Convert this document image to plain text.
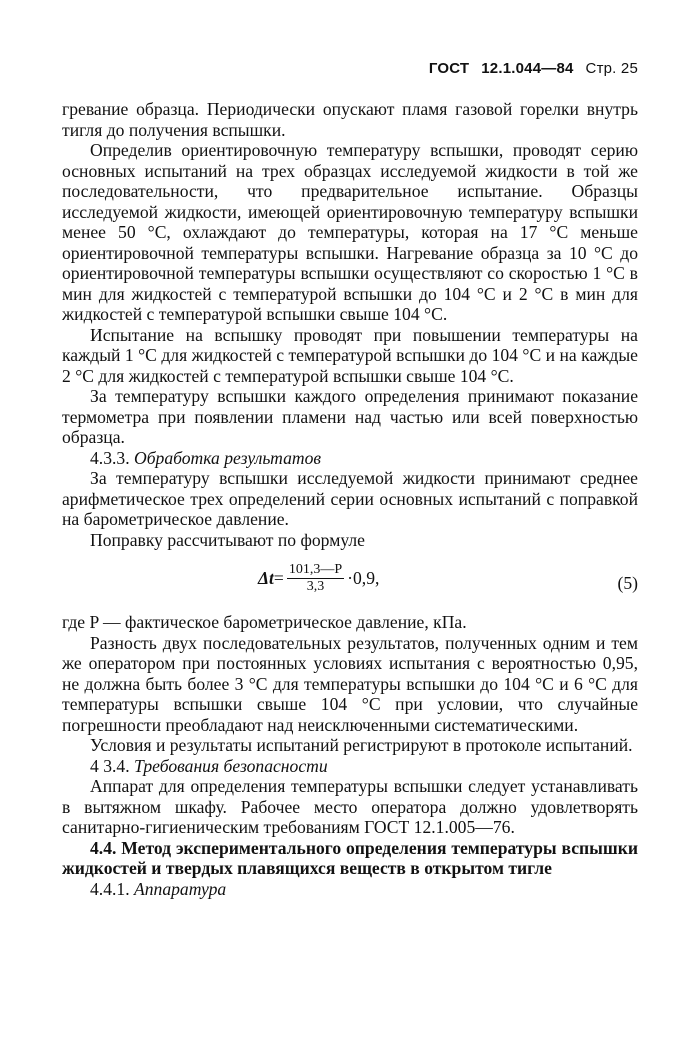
ГОСТ 12.1.044—84 Стр. 25

гревание образца. Периодически опускают пламя газовой горелки внутрь тигля до получения вспышки.

Определив ориентировочную температуру вспышки, проводят серию основных испытаний на трех образцах исследуемой жидкости в той же последовательности, что предварительное испытание. Образцы исследуемой жидкости, имеющей ориентировочную температуру вспышки менее 50 °С, охлаждают до температуры, которая на 17 °С меньше ориентировочной температуры вспышки. Нагревание образца за 10 °С до ориентировочной температуры вспышки осуществляют со скоростью 1 °С в мин для жидкостей с температурой вспышки до 104 °С и 2 °С в мин для жидкостей с температурой вспышки свыше 104 °С.

Испытание на вспышку проводят при повышении температуры на каждый 1 °С для жидкостей с температурой вспышки до 104 °С и на каждые 2 °С для жидкостей с температурой вспышки свыше 104 °С.

За температуру вспышки каждого определения принимают показание термометра при появлении пламени над частью или всей поверхностью образца.

4.3.3. Обработка результатов

За температуру вспышки исследуемой жидкости принимают среднее арифметическое трех определений серии основных испытаний с поправкой на барометрическое давление.

Поправку рассчитывают по формуле

$\Delta t = \frac{101,3—P}{3,3} \cdot 0,9$,	(5)

где P — фактическое барометрическое давление, кПа.

Разность двух последовательных результатов, полученных одним и тем же оператором при постоянных условиях испытания с вероятностью 0,95, не должна быть более 3 °С для температуры вспышки до 104 °С и 6 °С для температуры вспышки свыше 104 °С при условии, что случайные погрешности преобладают над неисключенными систематическими.

Условия и результаты испытаний регистрируют в протоколе испытаний.

4 3.4. Требования безопасности

Аппарат для определения температуры вспышки следует устанавливать в вытяжном шкафу. Рабочее место оператора должно удовлетворять санитарно-гигиеническим требованиям ГОСТ 12.1.005—76.

4.4. Метод экспериментального определения температуры вспышки жидкостей и твердых плавящихся веществ в открытом тигле

4.4.1. Аппаратура
